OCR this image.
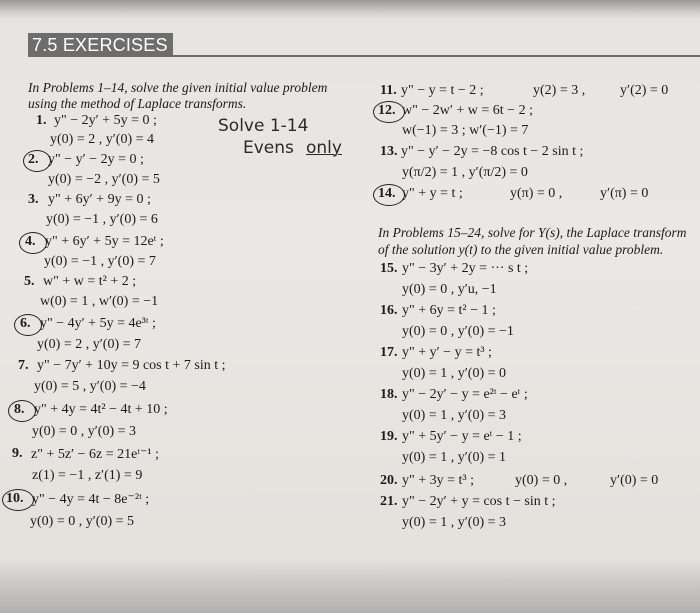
7.5 EXERCISES
In Problems 1–14, solve the given initial value problem
using the method of Laplace transforms.
1. y" − 2y′ + 5y = 0 ;
y(0) = 2 , y′(0) = 4
2. y" − y′ − 2y = 0 ;
y(0) = −2 , y′(0) = 5
3. y" + 6y′ + 9y = 0 ;
y(0) = −1 , y′(0) = 6
4. y" + 6y′ + 5y = 12eᵗ ;
y(0) = −1 , y′(0) = 7
5. w" + w = t² + 2 ;
w(0) = 1 , w′(0) = −1
6. y" − 4y′ + 5y = 4e³ᵗ ;
y(0) = 2 , y′(0) = 7
7. y" − 7y′ + 10y = 9 cos t + 7 sin t ;
y(0) = 5 , y′(0) = −4
8. y" + 4y = 4t² − 4t + 10 ;
y(0) = 0 , y′(0) = 3
9. z" + 5z′ − 6z = 21eᵗ⁻¹ ;
z(1) = −1 , z′(1) = 9
10. y" − 4y = 4t − 8e⁻²ᵗ ;
y(0) = 0 , y′(0) = 5
Solve 1-14
Evens only
11. y" − y = t − 2 ;	y(2) = 3 , y′(2) = 0
12. w" − 2w′ + w = 6t − 2 ;
w(−1) = 3 ; w′(−1) = 7
13. y" − y′ − 2y = −8 cos t − 2 sin t ;
y(π/2) = 1 , y′(π/2) = 0
14. y" + y = t ;	y(π) = 0 ,	y′(π) = 0
In Problems 15–24, solve for Y(s), the Laplace transform
of the solution y(t) to the given initial value problem.
15. y" − 3y′ + 2y = ··· s t ;
y(0) = 0 , y′u, −1
16. y" + 6y = t² − 1 ;
y(0) = 0 , y′(0) = −1
17. y" + y′ − y = t³ ;
y(0) = 1 , y′(0) = 0
18. y" − 2y′ − y = e²ᵗ − eᵗ ;
y(0) = 1 , y′(0) = 3
19. y" + 5y′ − y = eᵗ − 1 ;
y(0) = 1 , y′(0) = 1
20. y" + 3y = t³ ;	y(0) = 0 ,	y′(0) = 0
21. y" − 2y′ + y = cos t − sin t ;
y(0) = 1 , y′(0) = 3
